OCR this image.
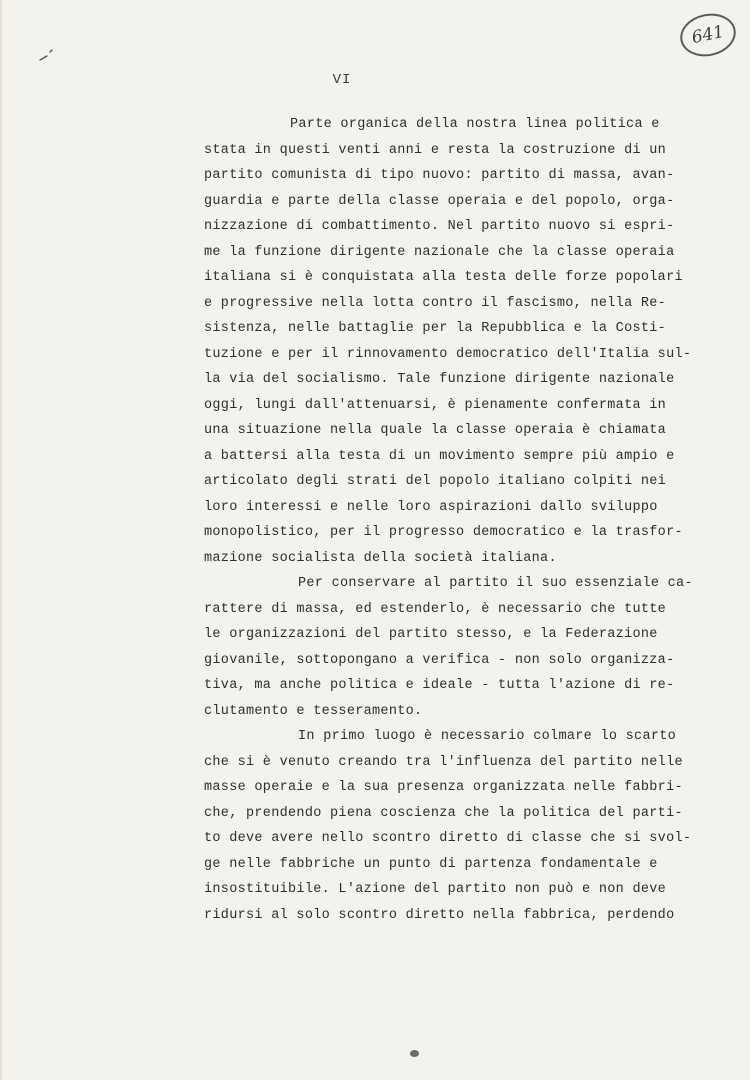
641
VI
Parte organica della nostra linea politica e
stata in questi venti anni e resta la costruzione di un
partito comunista di tipo nuovo: partito di massa, avan-
guardia e parte della classe operaia e del popolo, orga-
nizzazione di combattimento. Nel partito nuovo si espri-
me la funzione dirigente nazionale che la classe operaia
italiana si è conquistata alla testa delle forze popolari
e progressive nella lotta contro il fascismo, nella Re-
sistenza, nelle battaglie per la Repubblica e la Costi-
tuzione e per il rinnovamento democratico dell'Italia sul-
la via del socialismo. Tale funzione dirigente nazionale
oggi, lungi dall'attenuarsi, è pienamente confermata in
una situazione nella quale la classe operaia è chiamata
a battersi alla testa di un movimento sempre più ampio e
articolato degli strati del popolo italiano colpiti nei
loro interessi e nelle loro aspirazioni dallo sviluppo
monopolistico, per il progresso democratico e la trasfor-
mazione socialista della società italiana.
Per conservare al partito il suo essenziale ca-
rattere di massa, ed estenderlo, è necessario che tutte
le organizzazioni del partito stesso, e la Federazione
giovanile, sottopongano a verifica - non solo organizza-
tiva, ma anche politica e ideale - tutta l'azione di re-
clutamento e tesseramento.
In primo luogo è necessario colmare lo scarto
che si è venuto creando tra l'influenza del partito nelle
masse operaie e la sua presenza organizzata nelle fabbri-
che, prendendo piena coscienza che la politica del parti-
to deve avere nello scontro diretto di classe che si svol-
ge nelle fabbriche un punto di partenza fondamentale e
insostituibile. L'azione del partito non può e non deve
ridursi al solo scontro diretto nella fabbrica, perdendo
